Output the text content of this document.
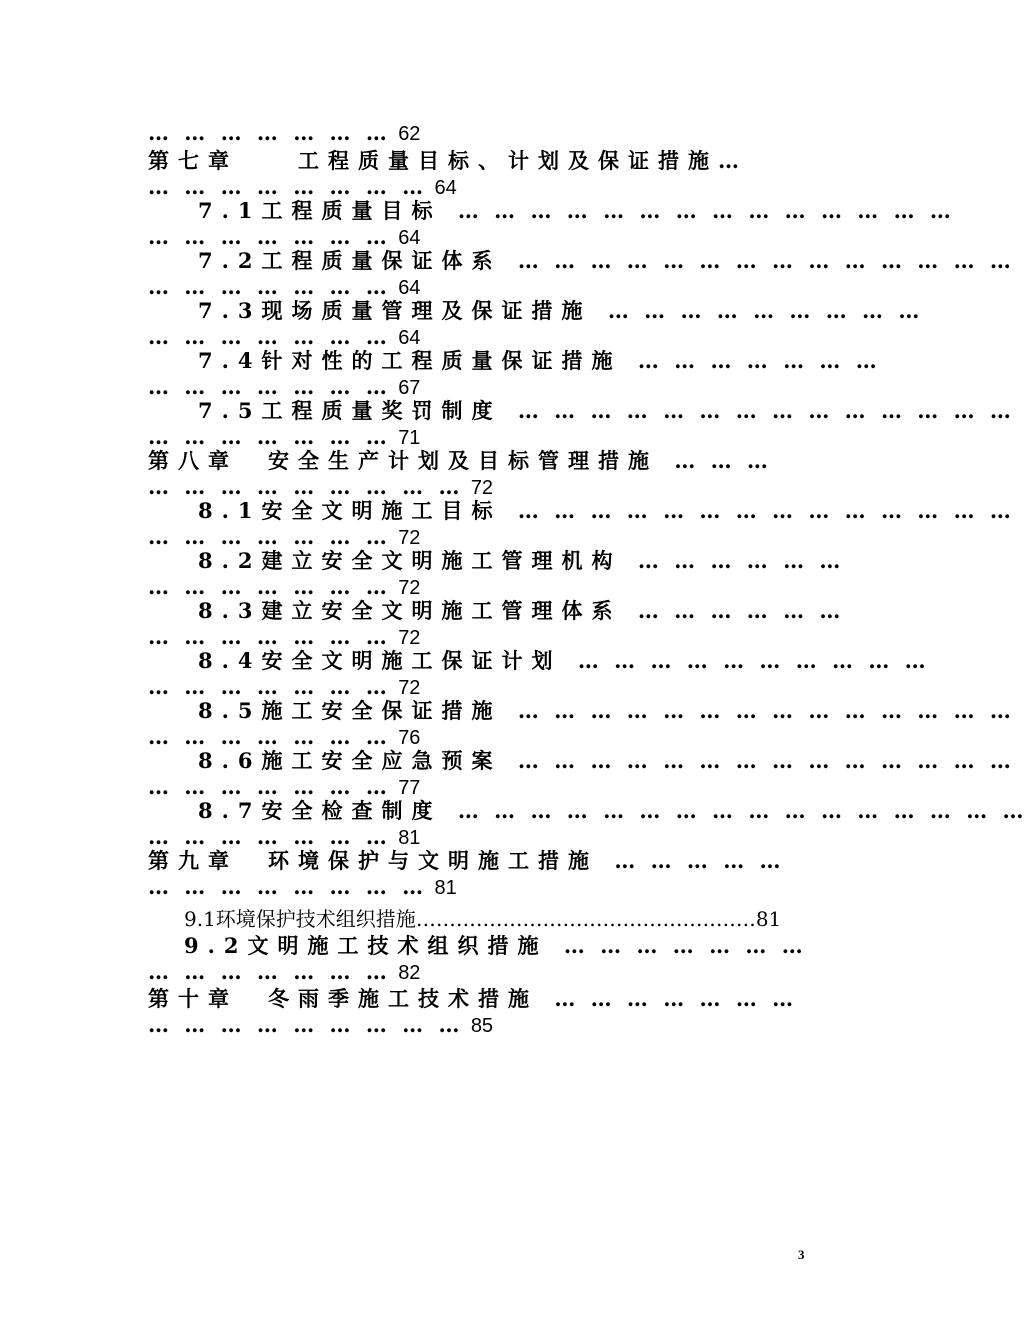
… … … … … … … 62
第七章　　工程质量目标、计划及保证措施…
… … … … … … … … 64
7.1工程质量目标 … … … … … … … … … … … … … …
… … … … … … … 64
7.2工程质量保证体系 … … … … … … … … … … … … … …
… … … … … … … 64
7.3现场质量管理及保证措施 … … … … … … … … …
… … … … … … … 64
7.4针对性的工程质量保证措施 … … … … … … …
… … … … … … … 67
7.5工程质量奖罚制度 … … … … … … … … … … … … … …
… … … … … … … 71
第八章　安全生产计划及目标管理措施 … … …
… … … … … … … … … 72
8.1安全文明施工目标 … … … … … … … … … … … … … …
… … … … … … … 72
8.2建立安全文明施工管理机构 … … … … … …
… … … … … … … 72
8.3建立安全文明施工管理体系 … … … … … …
… … … … … … … 72
8.4安全文明施工保证计划 … … … … … … … … … …
… … … … … … … 72
8.5施工安全保证措施 … … … … … … … … … … … … … …
… … … … … … … 76
8.6施工安全应急预案 … … … … … … … … … … … … … …
… … … … … … … 77
8.7安全检查制度 … … … … … … … … … … … … … … … …
… … … … … … … 81
第九章　环境保护与文明施工措施 … … … … …
… … … … … … … … 81
9.1环境保护技术组织措施……………………………………………81
9.2文明施工技术组织措施 … … … … … … …
… … … … … … … 82
第十章　冬雨季施工技术措施 … … … … … … …
… … … … … … … … … 85
3
